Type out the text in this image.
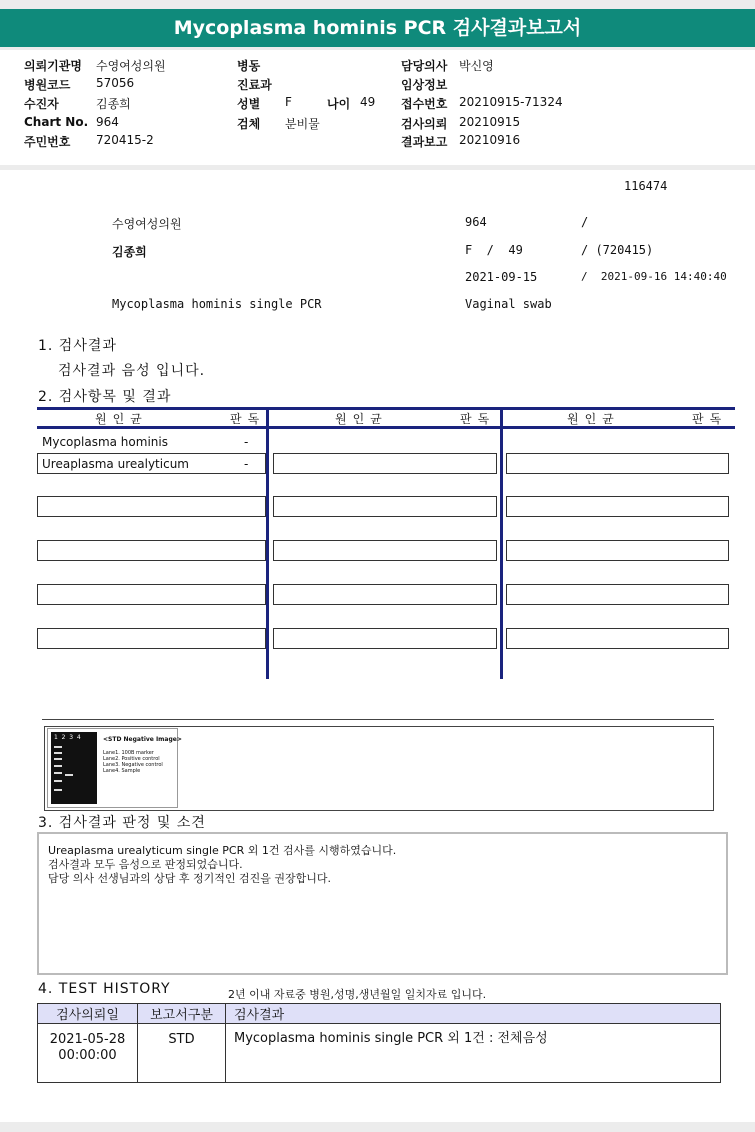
Mycoplasma hominis PCR 검사결과보고서
의뢰기관명 수영여성의원
병원코드 57056
수진자	김종희
Chart No. 964
주민번호 720415-2
병동
진료과
성별 F	나이 49
검체 분비물
담당의사 박신영
임상정보
접수번호 20210915-71324
검사의뢰 20210915
결과보고 20210916
116474
수영여성의원	964	/
김종희	F  /  49	/ (720415)
2021-09-15	/  2021-09-16 14:40:40
Mycoplasma hominis single PCR	Vaginal swab
1. 검사결과
검사결과 음성 입니다.
2. 검사항목 및 결과
원인균	판독	원인균	판독	원인균	판독
Mycoplasma hominis	-
Ureaplasma urealyticum	-
1  2  3  4	<STD Negative Image>
Lane1. 100B marker
Lane2. Positive control
Lane3. Negative control
Lane4. Sample
3. 검사결과 판정 및 소견
Ureaplasma urealyticum single PCR 외 1건 검사를 시행하였습니다.
검사결과 모두 음성으로 판정되었습니다.
담당 의사 선생님과의 상담 후 정기적인 검진을 권장합니다.
4. TEST HISTORY	2년 이내 자료중 병원,성명,생년월일 일치자료 입니다.
검사의뢰일	보고서구분	검사결과

2021-05-28
00:00:00	STD	Mycoplasma hominis single PCR 외 1건 : 전체음성
